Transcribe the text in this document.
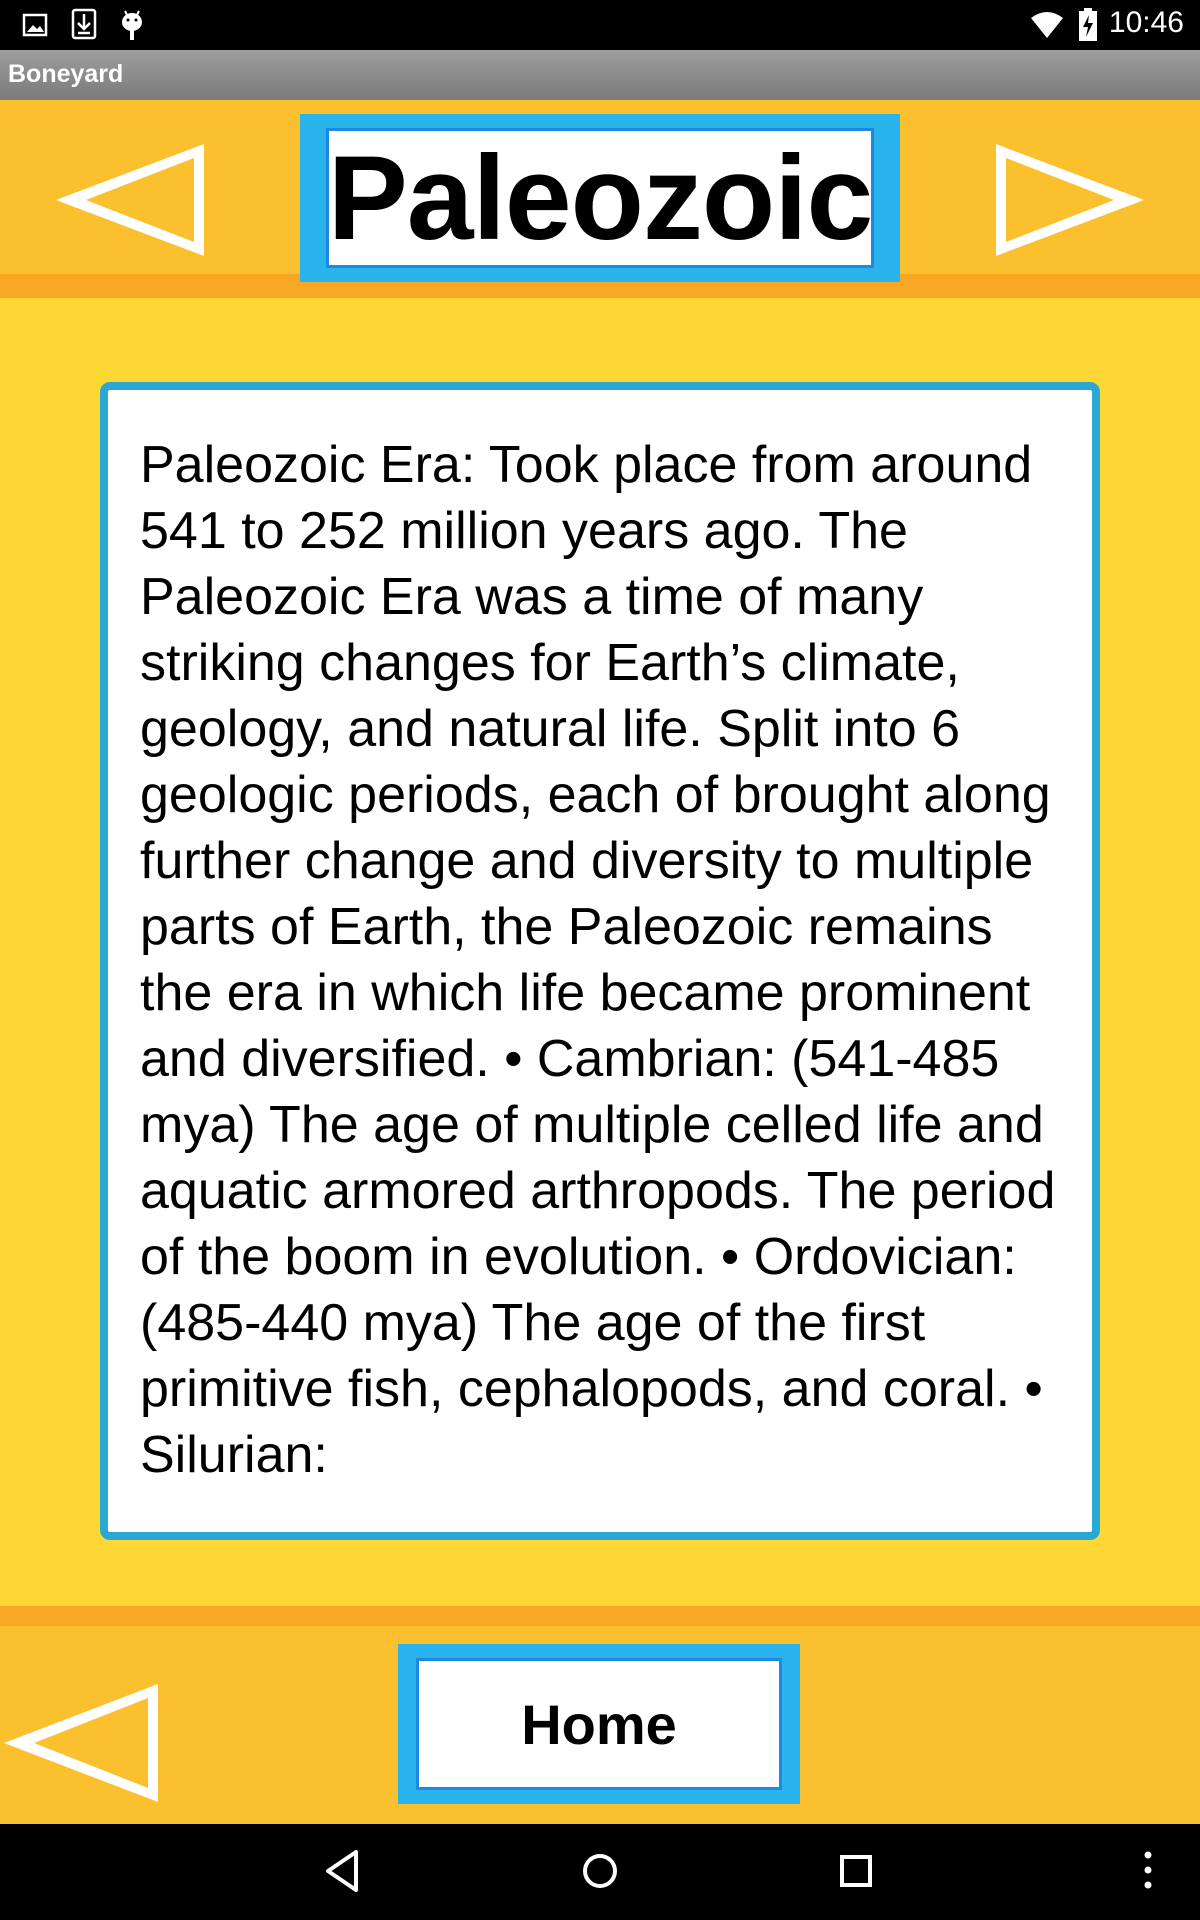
10:46
Boneyard
Paleozoic

Paleozoic Era: Took place from around 541 to 252 million years ago. The Paleozoic Era was a time of many striking changes for Earth’s climate, geology, and natural life. Split into 6 geologic periods, each of brought along further change and diversity to multiple parts of Earth, the Paleozoic remains the era in which life became prominent and diversified. • Cambrian: (541-485 mya) The age of multiple celled life and aquatic armored arthropods. The period of the boom in evolution. • Ordovician: (485-440 mya) The age of the first primitive fish, cephalopods, and coral. • Silurian:

Home
